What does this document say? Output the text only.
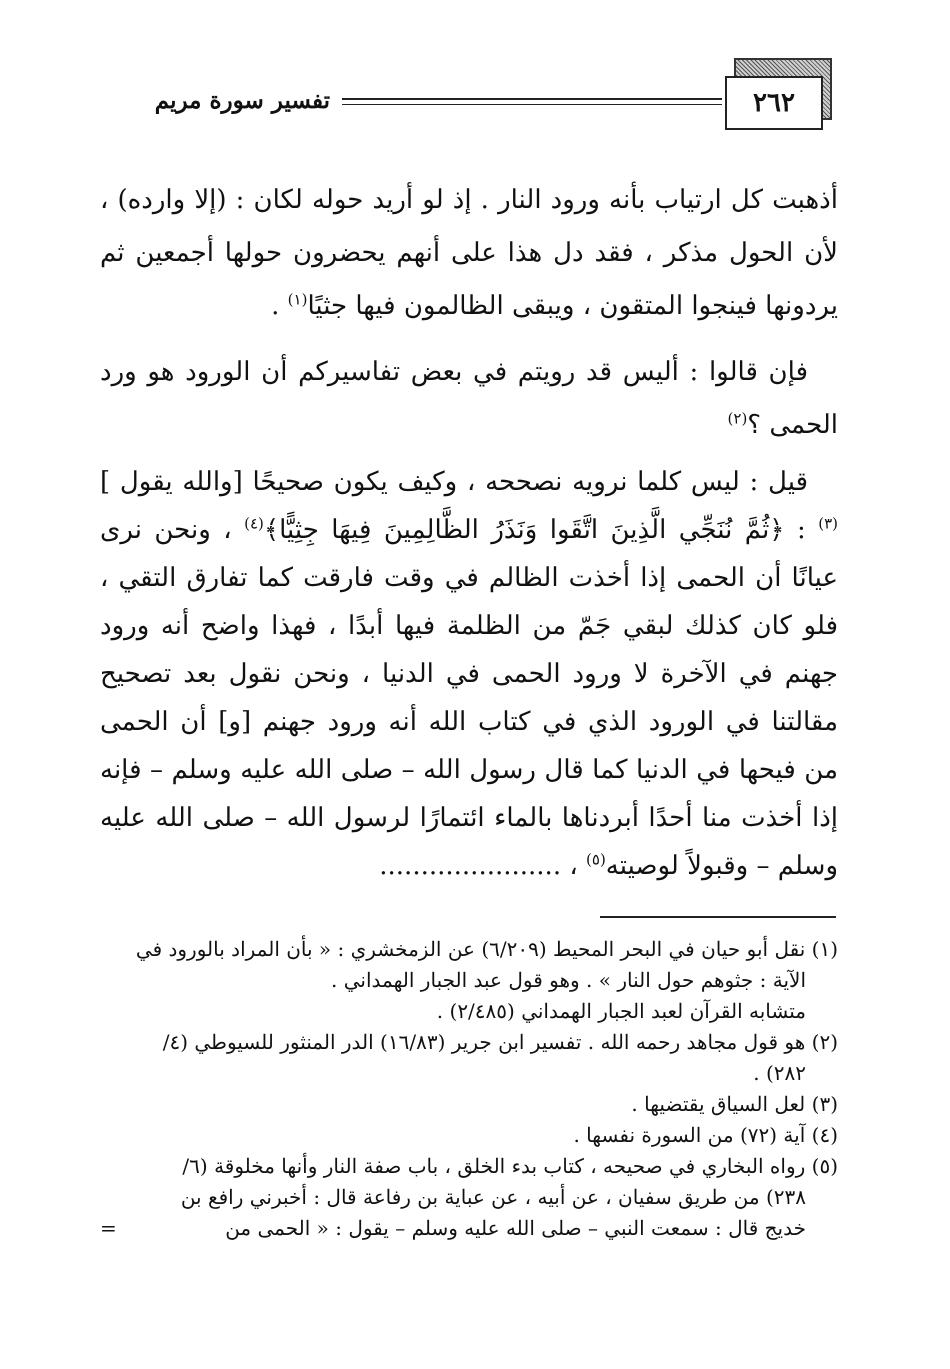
٢٦٢
تفسير سورة مريم
أذهبت كل ارتياب بأنه ورود النار . إذ لو أريد حوله لكان : (إلا وارده) ، لأن الحول مذكر ، فقد دل هذا على أنهم يحضرون حولها أجمعين ثم يردونها فينجوا المتقون ، ويبقى الظالمون فيها جثيًا$^{(١)}$ .
فإن قالوا : أليس قد رويتم في بعض تفاسيركم أن الورود هو ورد الحمى ؟$^{(٢)}$
قيل : ليس كلما نرويه نصححه ، وكيف يكون صحيحًا [والله يقول ]$^{(٣)}$ : ﴿ثُمَّ نُنَجِّي الَّذِينَ اتَّقَوا وَنَذَرُ الظَّالِمِينَ فِيهَا جِثِيًّا﴾$^{(٤)}$ ، ونحن نرى عيانًا أن الحمى إذا أخذت الظالم في وقت فارقت كما تفارق التقي ، فلو كان كذلك لبقي جَمّ من الظلمة فيها أبدًا ، فهذا واضح أنه ورود جهنم في الآخرة لا ورود الحمى في الدنيا ، ونحن نقول بعد تصحيح مقالتنا في الورود الذي في كتاب الله أنه ورود جهنم [و] أن الحمى من فيحها في الدنيا كما قال رسول الله – صلى الله عليه وسلم – فإنه إذا أخذت منا أحدًا أبردناها بالماء ائتمارًا لرسول الله – صلى الله عليه وسلم – وقبولاً لوصيته$^{(٥)}$ ، ......................

(١) نقل أبو حيان في البحر المحيط (٦/٢٠٩) عن الزمخشري : « بأن المراد بالورود في

الآية : جثوهم حول النار » . وهو قول عبد الجبار الهمداني .

متشابه القرآن لعبد الجبار الهمداني (٢/٤٨٥) .

(٢) هو قول مجاهد رحمه الله . تفسير ابن جرير (١٦/٨٣) الدر المنثور للسيوطي (٤/

٢٨٢) .

(٣) لعل السياق يقتضيها .

(٤) آية (٧٢) من السورة نفسها .

(٥) رواه البخاري في صحيحه ، كتاب بدء الخلق ، باب صفة النار وأنها مخلوقة (٦/

٢٣٨) من طريق سفيان ، عن أبيه ، عن عباية بن رفاعة قال : أخبرني رافع بن

خديج قال : سمعت النبي – صلى الله عليه وسلم – يقول : « الحمى من
=
